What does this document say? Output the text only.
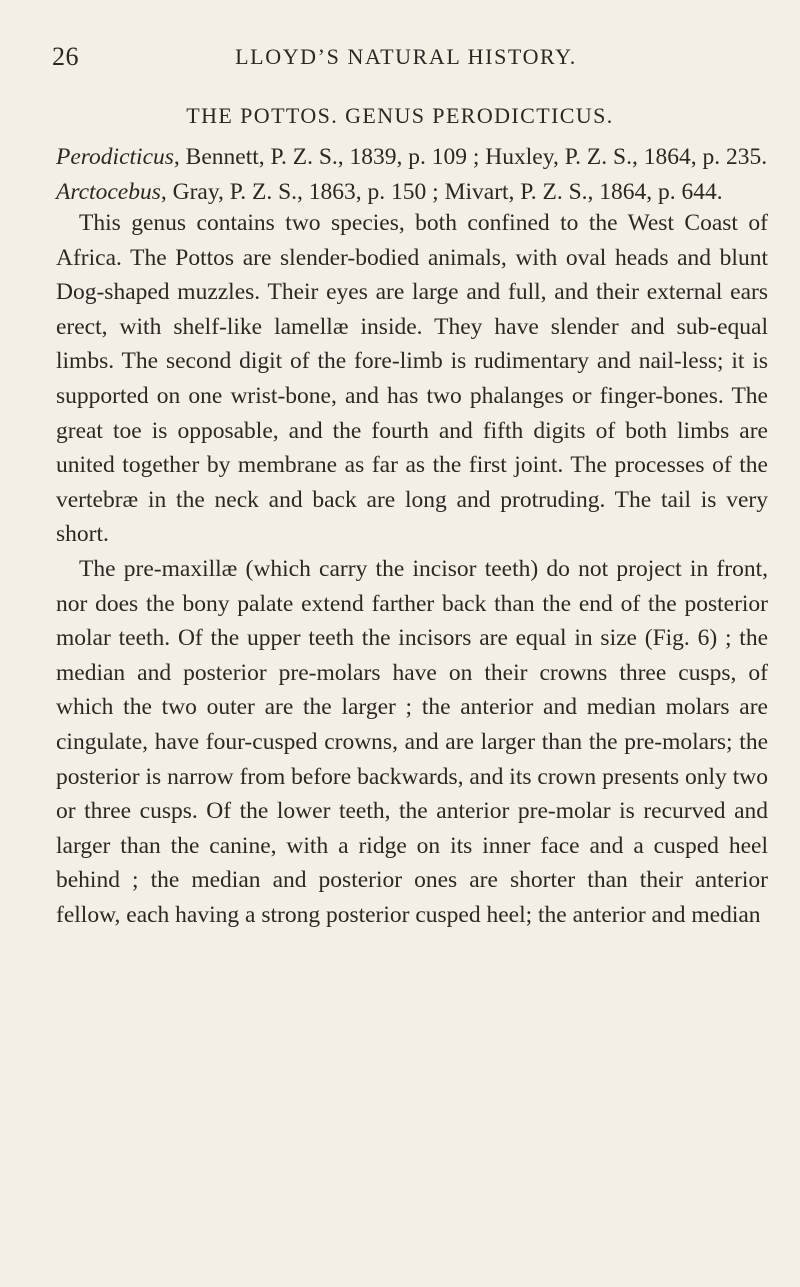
26	LLOYD’S NATURAL HISTORY.
THE POTTOS. GENUS PERODICTICUS.

Perodicticus, Bennett, P. Z. S., 1839, p. 109 ; Huxley, P. Z. S., 1864, p. 235.

Arctocebus, Gray, P. Z. S., 1863, p. 150 ; Mivart, P. Z. S., 1864, p. 644.

This genus contains two species, both confined to the West Coast of Africa. The Pottos are slender-bodied animals, with oval heads and blunt Dog-shaped muzzles. Their eyes are large and full, and their external ears erect, with shelf-like lamellæ inside. They have slender and sub-equal limbs. The second digit of the fore-limb is rudimentary and nail-less; it is supported on one wrist-bone, and has two phalanges or finger-bones. The great toe is opposable, and the fourth and fifth digits of both limbs are united together by membrane as far as the first joint. The processes of the vertebræ in the neck and back are long and protruding. The tail is very short.

The pre-maxillæ (which carry the incisor teeth) do not project in front, nor does the bony palate extend farther back than the end of the posterior molar teeth. Of the upper teeth the incisors are equal in size (Fig. 6) ; the median and posterior pre-molars have on their crowns three cusps, of which the two outer are the larger ; the anterior and median molars are cingulate, have four-cusped crowns, and are larger than the pre-molars; the posterior is narrow from before backwards, and its crown presents only two or three cusps. Of the lower teeth, the anterior pre-molar is recurved and larger than the canine, with a ridge on its inner face and a cusped heel behind ; the median and posterior ones are shorter than their anterior fellow, each having a strong posterior cusped heel; the anterior and median
